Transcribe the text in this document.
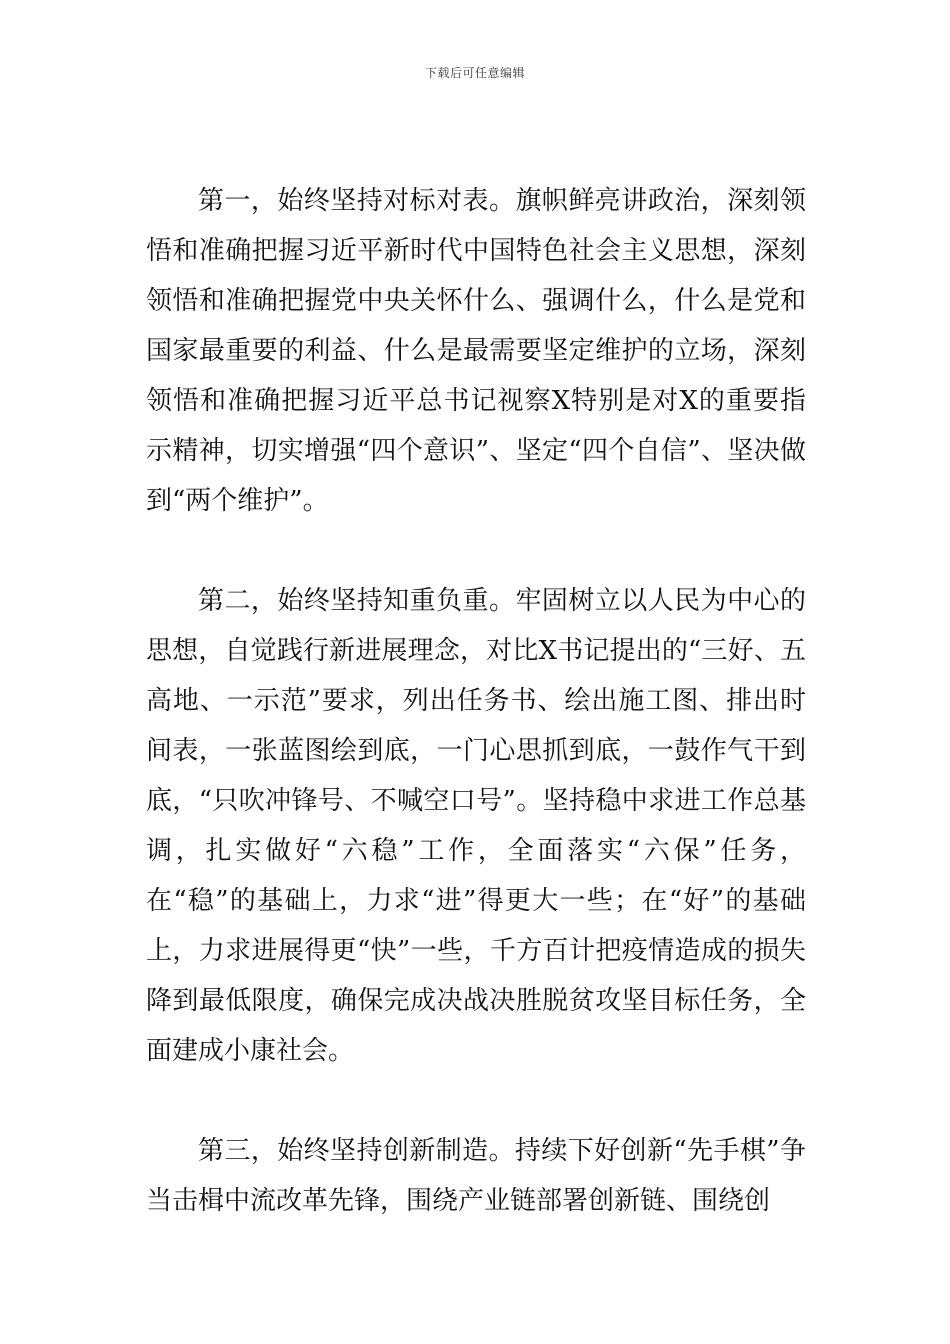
下载后可任意编辑

第一，始终坚持对标对表。旗帜鲜亮讲政治，深刻领悟和准确把握习近平新时代中国特色社会主义思想，深刻领悟和准确把握党中央关怀什么、强调什么，什么是党和国家最重要的利益、什么是最需要坚定维护的立场，深刻领悟和准确把握习近平总书记视察X特别是对X的重要指示精神，切实增强“四个意识”、坚定“四个自信”、坚决做到“两个维护”。

第二，始终坚持知重负重。牢固树立以人民为中心的思想，自觉践行新进展理念，对比X书记提出的“三好、五高地、一示范”要求，列出任务书、绘出施工图、排出时间表，一张蓝图绘到底，一门心思抓到底，一鼓作气干到底，“只吹冲锋号、不喊空口号”。坚持稳中求进工作总基调，扎实做好“六稳”工作，全面落实“六保”任务，在“稳”的基础上，力求“进”得更大一些；在“好”的基础上，力求进展得更“快”一些，千方百计把疫情造成的损失降到最低限度，确保完成决战决胜脱贫攻坚目标任务，全面建成小康社会。

第三，始终坚持创新制造。持续下好创新“先手棋”争当击楫中流改革先锋，围绕产业链部署创新链、围绕创
